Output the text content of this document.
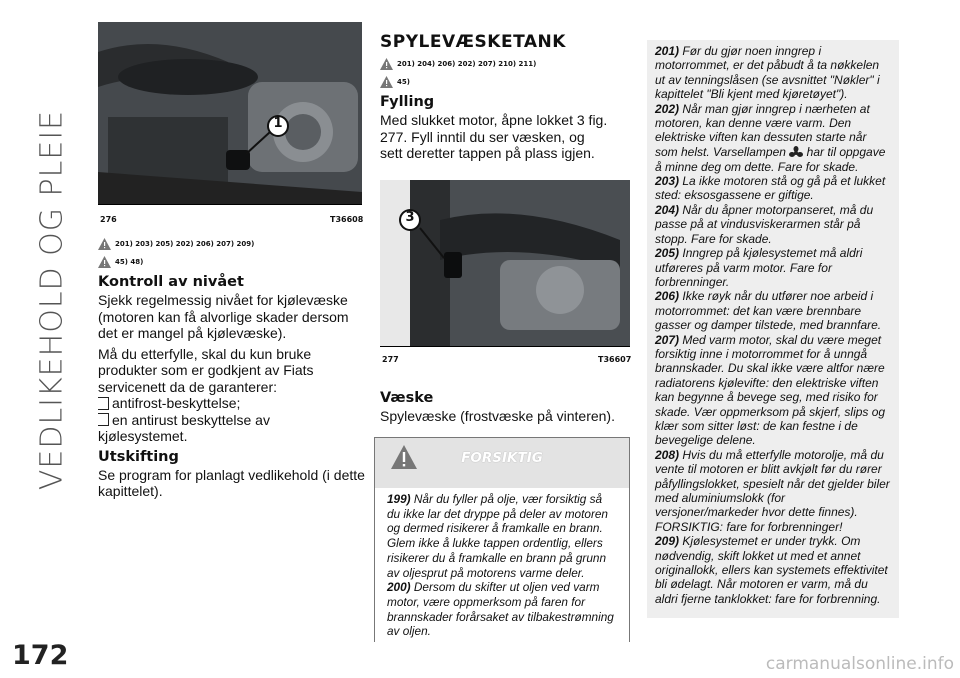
VEDLIKEHOLD OG PLEIE
172	carmanualsonline.info
1
276	T36608
201) 203) 205) 202) 206) 207) 209)
45) 48)
Kontroll av nivået

Sjekk regelmessig nivået for kjølevæske (motoren kan få alvorlige skader dersom det er mangel på kjølevæske).

Må du etterfylle, skal du kun bruke produkter som er godkjent av Fiats servicenett da de garanterer:

antifrost-beskyttelse;
en antirust beskyttelse av

kjølesystemet.

Utskifting

Se program for planlagt vedlikehold (i dette kapittelet).

SPYLEVÆSKETANK
201) 204) 206) 202) 207) 210) 211)
45)
Fylling

Med slukket motor, åpne lokket 3 fig. 277. Fyll inntil du ser væsken, og sett deretter tappen på plass igjen.

3
277	T36607
Væske

Spylevæske (frostvæske på vinteren).

FORSIKTIG

199) Når du fyller på olje, vær forsiktig så du ikke lar det dryppe på deler av motoren og dermed risikerer å framkalle en brann. Glem ikke å lukke tappen ordentlig, ellers risikerer du å framkalle en brann på grunn av oljesprut på motorens varme deler.

200) Dersom du skifter ut oljen ved varm motor, være oppmerksom på faren for brannskader forårsaket av tilbakestrømning av oljen.

201) Før du gjør noen inngrep i motorrommet, er det påbudt å ta nøkkelen ut av tenningslåsen (se avsnittet "Nøkler" i kapittelet "Bli kjent med kjøretøyet").

202) Når man gjør inngrep i nærheten at motoren, kan denne være varm. Den elektriske viften kan dessuten starte når som helst. Varsellampen har til oppgave å minne deg om dette. Fare for skade.

203) La ikke motoren stå og gå på et lukket sted: eksosgassene er giftige.

204) Når du åpner motorpanseret, må du passe på at vindusviskerarmen står på stopp. Fare for skade.

205) Inngrep på kjølesystemet må aldri utføreres på varm motor. Fare for forbrenninger.

206) Ikke røyk når du utfører noe arbeid i motorrommet: det kan være brennbare gasser og damper tilstede, med brannfare.

207) Med varm motor, skal du være meget forsiktig inne i motorrommet for å unngå brannskader. Du skal ikke være altfor nære radiatorens kjølevifte: den elektriske viften kan begynne å bevege seg, med risiko for skade. Vær oppmerksom på skjerf, slips og klær som sitter løst: de kan festne i de bevegelige delene.

208) Hvis du må etterfylle motorolje, må du vente til motoren er blitt avkjølt før du rører påfyllingslokket, spesielt når det gjelder biler med aluminiumslokk (for versjoner/markeder hvor dette finnes). FORSIKTIG: fare for forbrenninger!

209) Kjølesystemet er under trykk. Om nødvendig, skift lokket ut med et annet originallokk, ellers kan systemets effektivitet bli ødelagt. Når motoren er varm, må du aldri fjerne tanklokket: fare for forbrenning.
